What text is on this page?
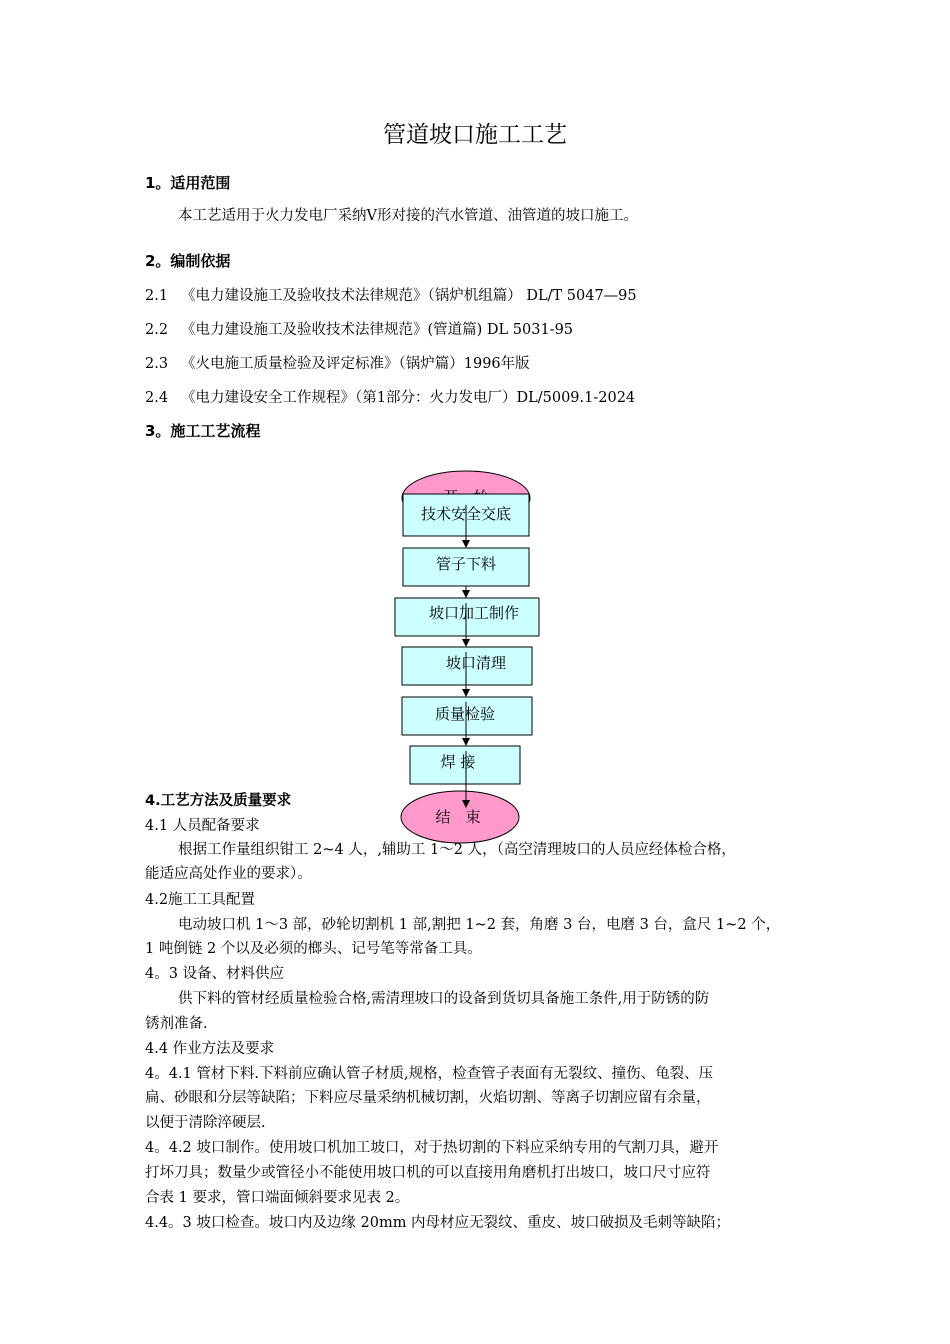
管道坡口施工工艺
1。适用范围
本工艺适用于火力发电厂采纳Ⅴ形对接的汽水管道、油管道的坡口施工。
2。编制依据
2.1 《电力建设施工及验收技术法律规范》（锅炉机组篇） DL/T 5047—95
2.2 《电力建设施工及验收技术法律规范》(管道篇) DL 5031-95
2.3 《火电施工质量检验及评定标准》（锅炉篇）1996年版
2.4 《电力建设安全工作规程》（第1部分：火力发电厂）DL/5009.1-2024
3。施工工艺流程
技术安全交底
管子下料
坡口加工制作
坡口清理
质量检验
焊 接
结　束
4.工艺方法及质量要求
4.1 人员配备要求
根据工作量组织钳工 2~4 人，,辅助工 1～2 人，（高空清理坡口的人员应经体检合格，
能适应高处作业的要求）。
4.2施工工具配置
电动坡口机 1～3 部，砂轮切割机 1 部,割把 1~2 套，角磨 3 台，电磨 3 台，盒尺 1~2 个，
1 吨倒链 2 个以及必须的榔头、记号笔等常备工具。
4。3 设备、材料供应
供下料的管材经质量检验合格,需清理坡口的设备到货切具备施工条件,用于防锈的防
锈剂准备.
4.4 作业方法及要求
4。4.1 管材下料.下料前应确认管子材质,规格，检查管子表面有无裂纹、撞伤、龟裂、压
扁、砂眼和分层等缺陷；下料应尽量采纳机械切割，火焰切割、等离子切割应留有余量，
以便于清除淬硬层.
4。4.2 坡口制作。使用坡口机加工坡口，对于热切割的下料应采纳专用的气割刀具，避开
打坏刀具；数量少或管径小不能使用坡口机的可以直接用角磨机打出坡口，坡口尺寸应符
合表 1 要求，管口端面倾斜要求见表 2。
4.4。3 坡口检查。坡口内及边缘 20mm 内母材应无裂纹、重皮、坡口破损及毛刺等缺陷；
